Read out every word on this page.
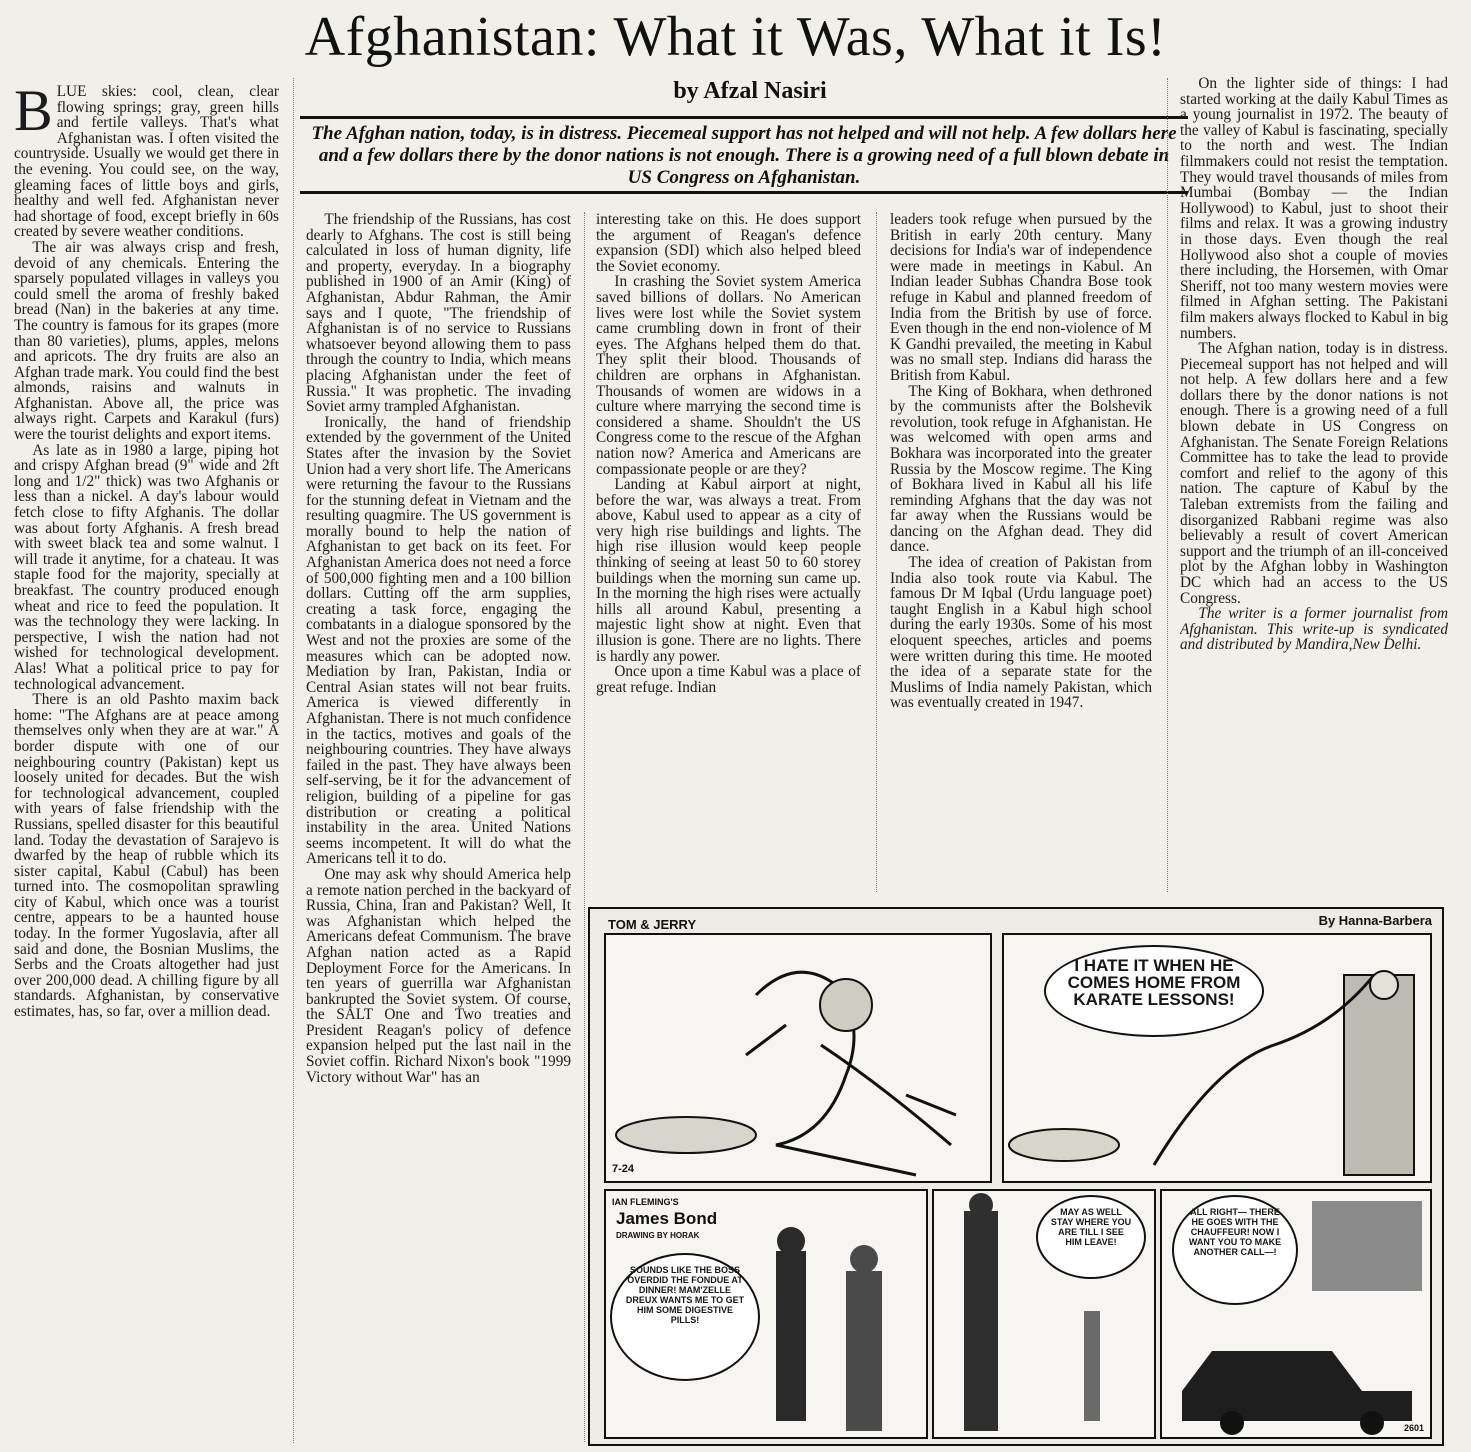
Afghanistan: What it Was, What it Is!
by Afzal Nasiri
The Afghan nation, today, is in distress. Piecemeal support has not helped and will not help. A few dollars here and a few dollars there by the donor nations is not enough. There is a growing need of a full blown debate in US Congress on Afghanistan.

BLUE skies: cool, clean, clear flowing springs; gray, green hills and fertile valleys. That's what Afghanistan was. I often visited the countryside. Usually we would get there in the evening. You could see, on the way, gleaming faces of little boys and girls, healthy and well fed. Afghanistan never had shortage of food, except briefly in 60s created by severe weather conditions.

The air was always crisp and fresh, devoid of any chemicals. Entering the sparsely populated villages in valleys you could smell the aroma of freshly baked bread (Nan) in the bakeries at any time. The country is famous for its grapes (more than 80 varieties), plums, apples, melons and apricots. The dry fruits are also an Afghan trade mark. You could find the best almonds, raisins and walnuts in Afghanistan. Above all, the price was always right. Carpets and Karakul (furs) were the tourist delights and export items.

As late as in 1980 a large, piping hot and crispy Afghan bread (9" wide and 2ft long and 1/2" thick) was two Afghanis or less than a nickel. A day's labour would fetch close to fifty Afghanis. The dollar was about forty Afghanis. A fresh bread with sweet black tea and some walnut. I will trade it anytime, for a chateau. It was staple food for the majority, specially at breakfast. The country produced enough wheat and rice to feed the population. It was the technology they were lacking. In perspective, I wish the nation had not wished for technological development. Alas! What a political price to pay for technological advancement.

There is an old Pashto maxim back home: "The Afghans are at peace among themselves only when they are at war." A border dispute with one of our neighbouring country (Pakistan) kept us loosely united for decades. But the wish for technological advancement, coupled with years of false friendship with the Russians, spelled disaster for this beautiful land. Today the devastation of Sarajevo is dwarfed by the heap of rubble which its sister capital, Kabul (Cabul) has been turned into. The cosmopolitan sprawling city of Kabul, which once was a tourist centre, appears to be a haunted house today. In the former Yugoslavia, after all said and done, the Bosnian Muslims, the Serbs and the Croats altogether had just over 200,000 dead. A chilling figure by all standards. Afghanistan, by conservative estimates, has, so far, over a million dead.

The friendship of the Russians, has cost dearly to Afghans. The cost is still being calculated in loss of human dignity, life and property, everyday. In a biography published in 1900 of an Amir (King) of Afghanistan, Abdur Rahman, the Amir says and I quote, "The friendship of Afghanistan is of no service to Russians whatsoever beyond allowing them to pass through the country to India, which means placing Afghanistan under the feet of Russia." It was prophetic. The invading Soviet army trampled Afghanistan.

Ironically, the hand of friendship extended by the government of the United States after the invasion by the Soviet Union had a very short life. The Americans were returning the favour to the Russians for the stunning defeat in Vietnam and the resulting quagmire. The US government is morally bound to help the nation of Afghanistan to get back on its feet. For Afghanistan America does not need a force of 500,000 fighting men and a 100 billion dollars. Cutting off the arm supplies, creating a task force, engaging the combatants in a dialogue sponsored by the West and not the proxies are some of the measures which can be adopted now. Mediation by Iran, Pakistan, India or Central Asian states will not bear fruits. America is viewed differently in Afghanistan. There is not much confidence in the tactics, motives and goals of the neighbouring countries. They have always failed in the past. They have always been self-serving, be it for the advancement of religion, building of a pipeline for gas distribution or creating a political instability in the area. United Nations seems incompetent. It will do what the Americans tell it to do.

One may ask why should America help a remote nation perched in the backyard of Russia, China, Iran and Pakistan? Well, It was Afghanistan which helped the Americans defeat Communism. The brave Afghan nation acted as a Rapid Deployment Force for the Americans. In ten years of guerrilla war Afghanistan bankrupted the Soviet system. Of course, the SALT One and Two treaties and President Reagan's policy of defence expansion helped put the last nail in the Soviet coffin. Richard Nixon's book "1999 Victory without War" has an

interesting take on this. He does support the argument of Reagan's defence expansion (SDI) which also helped bleed the Soviet economy.

In crashing the Soviet system America saved billions of dollars. No American lives were lost while the Soviet system came crumbling down in front of their eyes. The Afghans helped them do that. They split their blood. Thousands of children are orphans in Afghanistan. Thousands of women are widows in a culture where marrying the second time is considered a shame. Shouldn't the US Congress come to the rescue of the Afghan nation now? America and Americans are compassionate people or are they?

Landing at Kabul airport at night, before the war, was always a treat. From above, Kabul used to appear as a city of very high rise buildings and lights. The high rise illusion would keep people thinking of seeing at least 50 to 60 storey buildings when the morning sun came up. In the morning the high rises were actually hills all around Kabul, presenting a majestic light show at night. Even that illusion is gone. There are no lights. There is hardly any power.

Once upon a time Kabul was a place of great refuge. Indian

leaders took refuge when pursued by the British in early 20th century. Many decisions for India's war of independence were made in meetings in Kabul. An Indian leader Subhas Chandra Bose took refuge in Kabul and planned freedom of India from the British by use of force. Even though in the end non-violence of M K Gandhi prevailed, the meeting in Kabul was no small step. Indians did harass the British from Kabul.

The King of Bokhara, when dethroned by the communists after the Bolshevik revolution, took refuge in Afghanistan. He was welcomed with open arms and Bokhara was incorporated into the greater Russia by the Moscow regime. The King of Bokhara lived in Kabul all his life reminding Afghans that the day was not far away when the Russians would be dancing on the Afghan dead. They did dance.

The idea of creation of Pakistan from India also took route via Kabul. The famous Dr M Iqbal (Urdu language poet) taught English in a Kabul high school during the early 1930s. Some of his most eloquent speeches, articles and poems were written during this time. He mooted the idea of a separate state for the Muslims of India namely Pakistan, which was eventually created in 1947.

On the lighter side of things: I had started working at the daily Kabul Times as a young journalist in 1972. The beauty of the valley of Kabul is fascinating, specially to the north and west. The Indian filmmakers could not resist the temptation. They would travel thousands of miles from Mumbai (Bombay — the Indian Hollywood) to Kabul, just to shoot their films and relax. It was a growing industry in those days. Even though the real Hollywood also shot a couple of movies there including, the Horsemen, with Omar Sheriff, not too many western movies were filmed in Afghan setting. The Pakistani film makers always flocked to Kabul in big numbers.

The Afghan nation, today is in distress. Piecemeal support has not helped and will not help. A few dollars here and a few dollars there by the donor nations is not enough. There is a growing need of a full blown debate in US Congress on Afghanistan. The Senate Foreign Relations Committee has to take the lead to provide comfort and relief to the agony of this nation. The capture of Kabul by the Taleban extremists from the failing and disorganized Rabbani regime was also believably a result of covert American support and the triumph of an ill-conceived plot by the Afghan lobby in Washington DC which had an access to the US Congress.

The writer is a former journalist from Afghanistan. This write-up is syndicated and distributed by Mandira,New Delhi.

TOM & JERRY	By Hanna-Barbera
7-24
I HATE IT WHEN HE COMES HOME FROM KARATE LESSONS!
IAN FLEMING'S
James Bond
DRAWING BY HORAK
SOUNDS LIKE THE BOSS OVERDID THE FONDUE AT DINNER! MAM'ZELLE DREUX WANTS ME TO GET HIM SOME DIGESTIVE PILLS!
MAY AS WELL STAY WHERE YOU ARE TILL I SEE HIM LEAVE!
ALL RIGHT— THERE HE GOES WITH THE CHAUFFEUR! NOW I WANT YOU TO MAKE ANOTHER CALL—!
2601
